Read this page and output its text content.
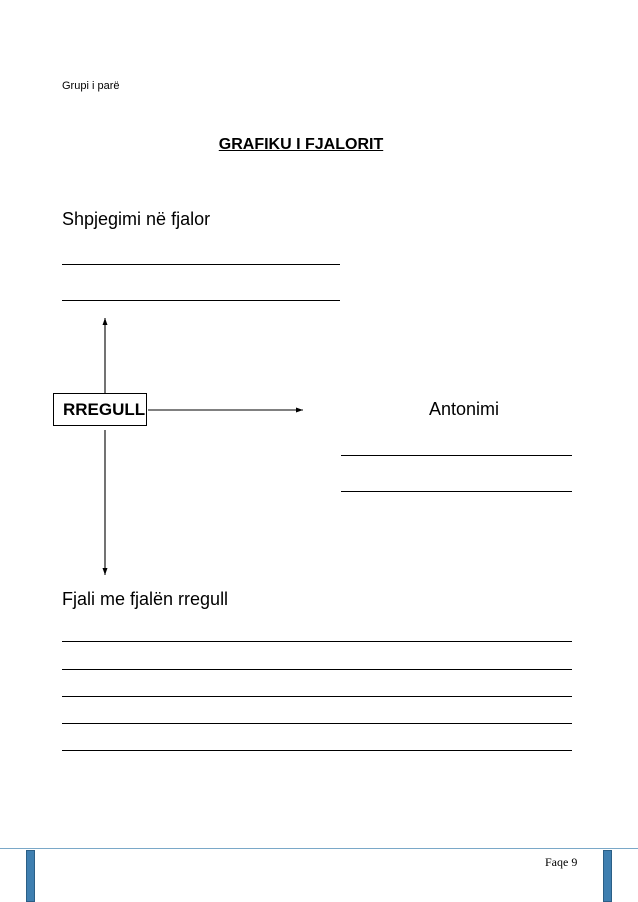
Grupi i parë
GRAFIKU I FJALORIT
Shpjegimi në fjalor
RREGULL	Antonimi
Fjali me fjalën rregull
Faqe 9
